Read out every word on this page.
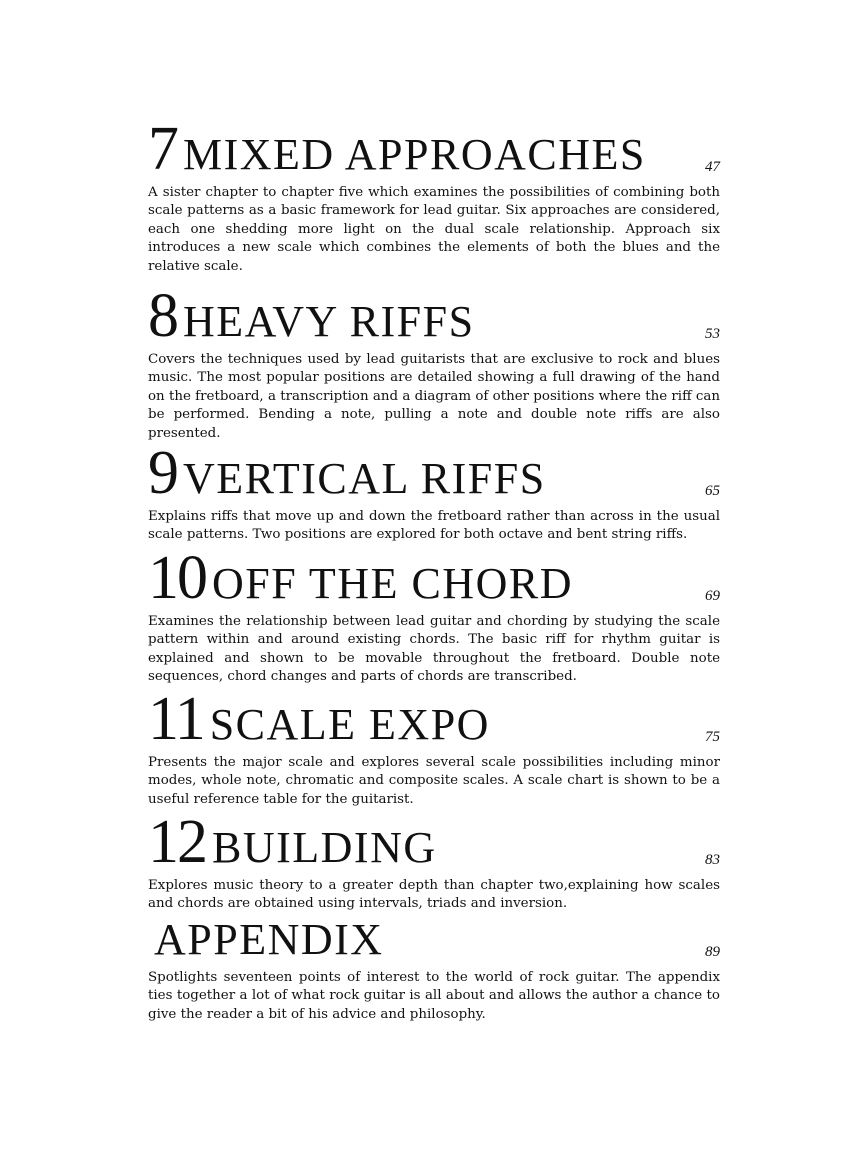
7 MIXED APPROACHES	47

A sister chapter to chapter five which examines the possibilities of combining both scale patterns as a basic framework for lead guitar. Six approaches are considered, each one shedding more light on the dual scale relationship. Approach six introduces a new scale which combines the elements of both the blues and the relative scale.

8 HEAVY RIFFS	53

Covers the techniques used by lead guitarists that are exclusive to rock and blues music. The most popular positions are detailed showing a full drawing of the hand on the fretboard, a transcription and a diagram of other positions where the riff can be performed. Bending a note, pulling a note and double note riffs are also presented.

9 VERTICAL RIFFS	65

Explains riffs that move up and down the fretboard rather than across in the usual scale patterns. Two positions are explored for both octave and bent string riffs.

10 OFF THE CHORD	69

Examines the relationship between lead guitar and chording by studying the scale pattern within and around existing chords. The basic riff for rhythm guitar is explained and shown to be movable throughout the fretboard. Double note sequences, chord changes and parts of chords are transcribed.

11 SCALE EXPO	75

Presents the major scale and explores several scale possibilities including minor modes, whole note, chromatic and composite scales. A scale chart is shown to be a useful reference table for the guitarist.

12 BUILDING	83

Explores music theory to a greater depth than chapter two,explaining how scales and chords are obtained using intervals, triads and inversion.

APPENDIX	89

Spotlights seventeen points of interest to the world of rock guitar. The appendix ties together a lot of what rock guitar is all about and allows the author a chance to give the reader a bit of his advice and philosophy.
